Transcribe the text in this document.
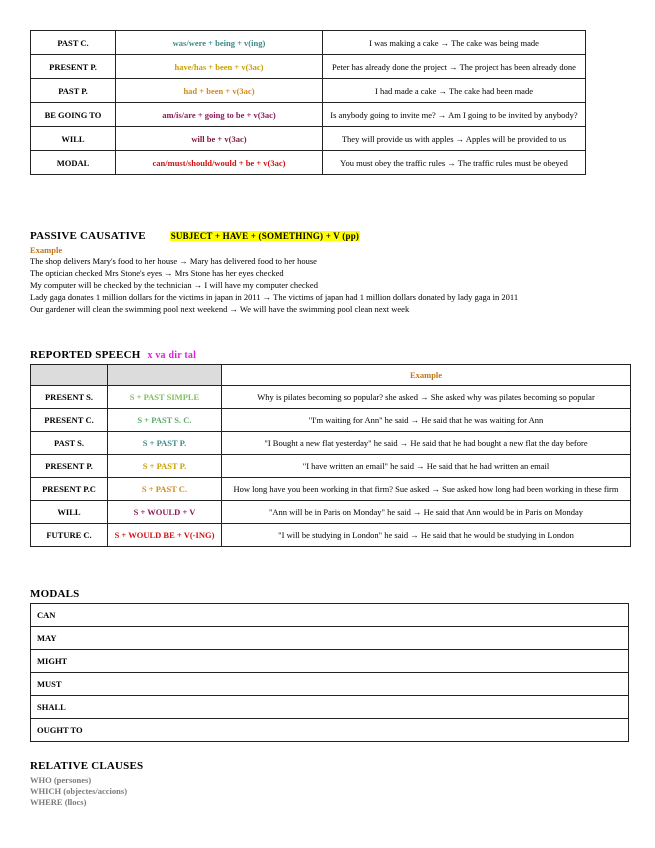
PAST C.	was/were + being + v(ing)	I was making a cake → The cake was being made
PRESENT P.	have/has + been + v(3ac)	Peter has already done the project → The project has been already done
PAST P.	had + been + v(3ac)	I had made a cake → The cake had been made
BE GOING TO	am/is/are + going to be + v(3ac)	Is anybody going to invite me? → Am I going to be invited by anybody?
WILL	will be + v(3ac)	They will provide us with apples → Apples will be provided to us
MODAL	can/must/should/would + be + v(3ac)	You must obey the traffic rules → The traffic rules must be obeyed
PASSIVE CAUSATIVE	SUBJECT + HAVE + (SOMETHING) + V (pp)
Example
The shop delivers Mary's food to her house → Mary has delivered food to her house
The optician checked Mrs Stone's eyes → Mrs Stone has her eyes checked
My computer will be checked by the technician → I will have my computer checked
Lady gaga donates 1 million dollars for the victims in japan in 2011 → The victims of japan had 1 million dollars donated by lady gaga in 2011
Our gardener will clean the swimming pool next weekend → We will have the swimming pool clean next week
REPORTED SPEECH x va dir tal
		Example
PRESENT S.	S + PAST SIMPLE	Why is pilates becoming so popular? she asked → She asked why was pilates becoming so popular
PRESENT C.	S + PAST S. C.	"I'm waiting for Ann" he said → He said that he was waiting for Ann
PAST S.	S + PAST P.	"I Bought a new flat yesterday" he said → He said that he had bought a new flat the day before
PRESENT P.	S + PAST P.	"I have written an email" he said → He said that he had written an email
PRESENT P.C	S + PAST C.	How long have you been working in that firm? Sue asked → Sue asked how long had been working in these firm
WILL	S + WOULD + V	"Ann will be in Paris on Monday" he said → He said that Ann would be in Paris on Monday
FUTURE C.	S + WOULD BE + V(-ING)	"I will be studying in London" he said → He said that he would be studying in London
MODALS
CAN
MAY
MIGHT
MUST
SHALL
OUGHT TO
RELATIVE CLAUSES
WHO (persones)
WHICH (objectes/accions)
WHERE (llocs)
